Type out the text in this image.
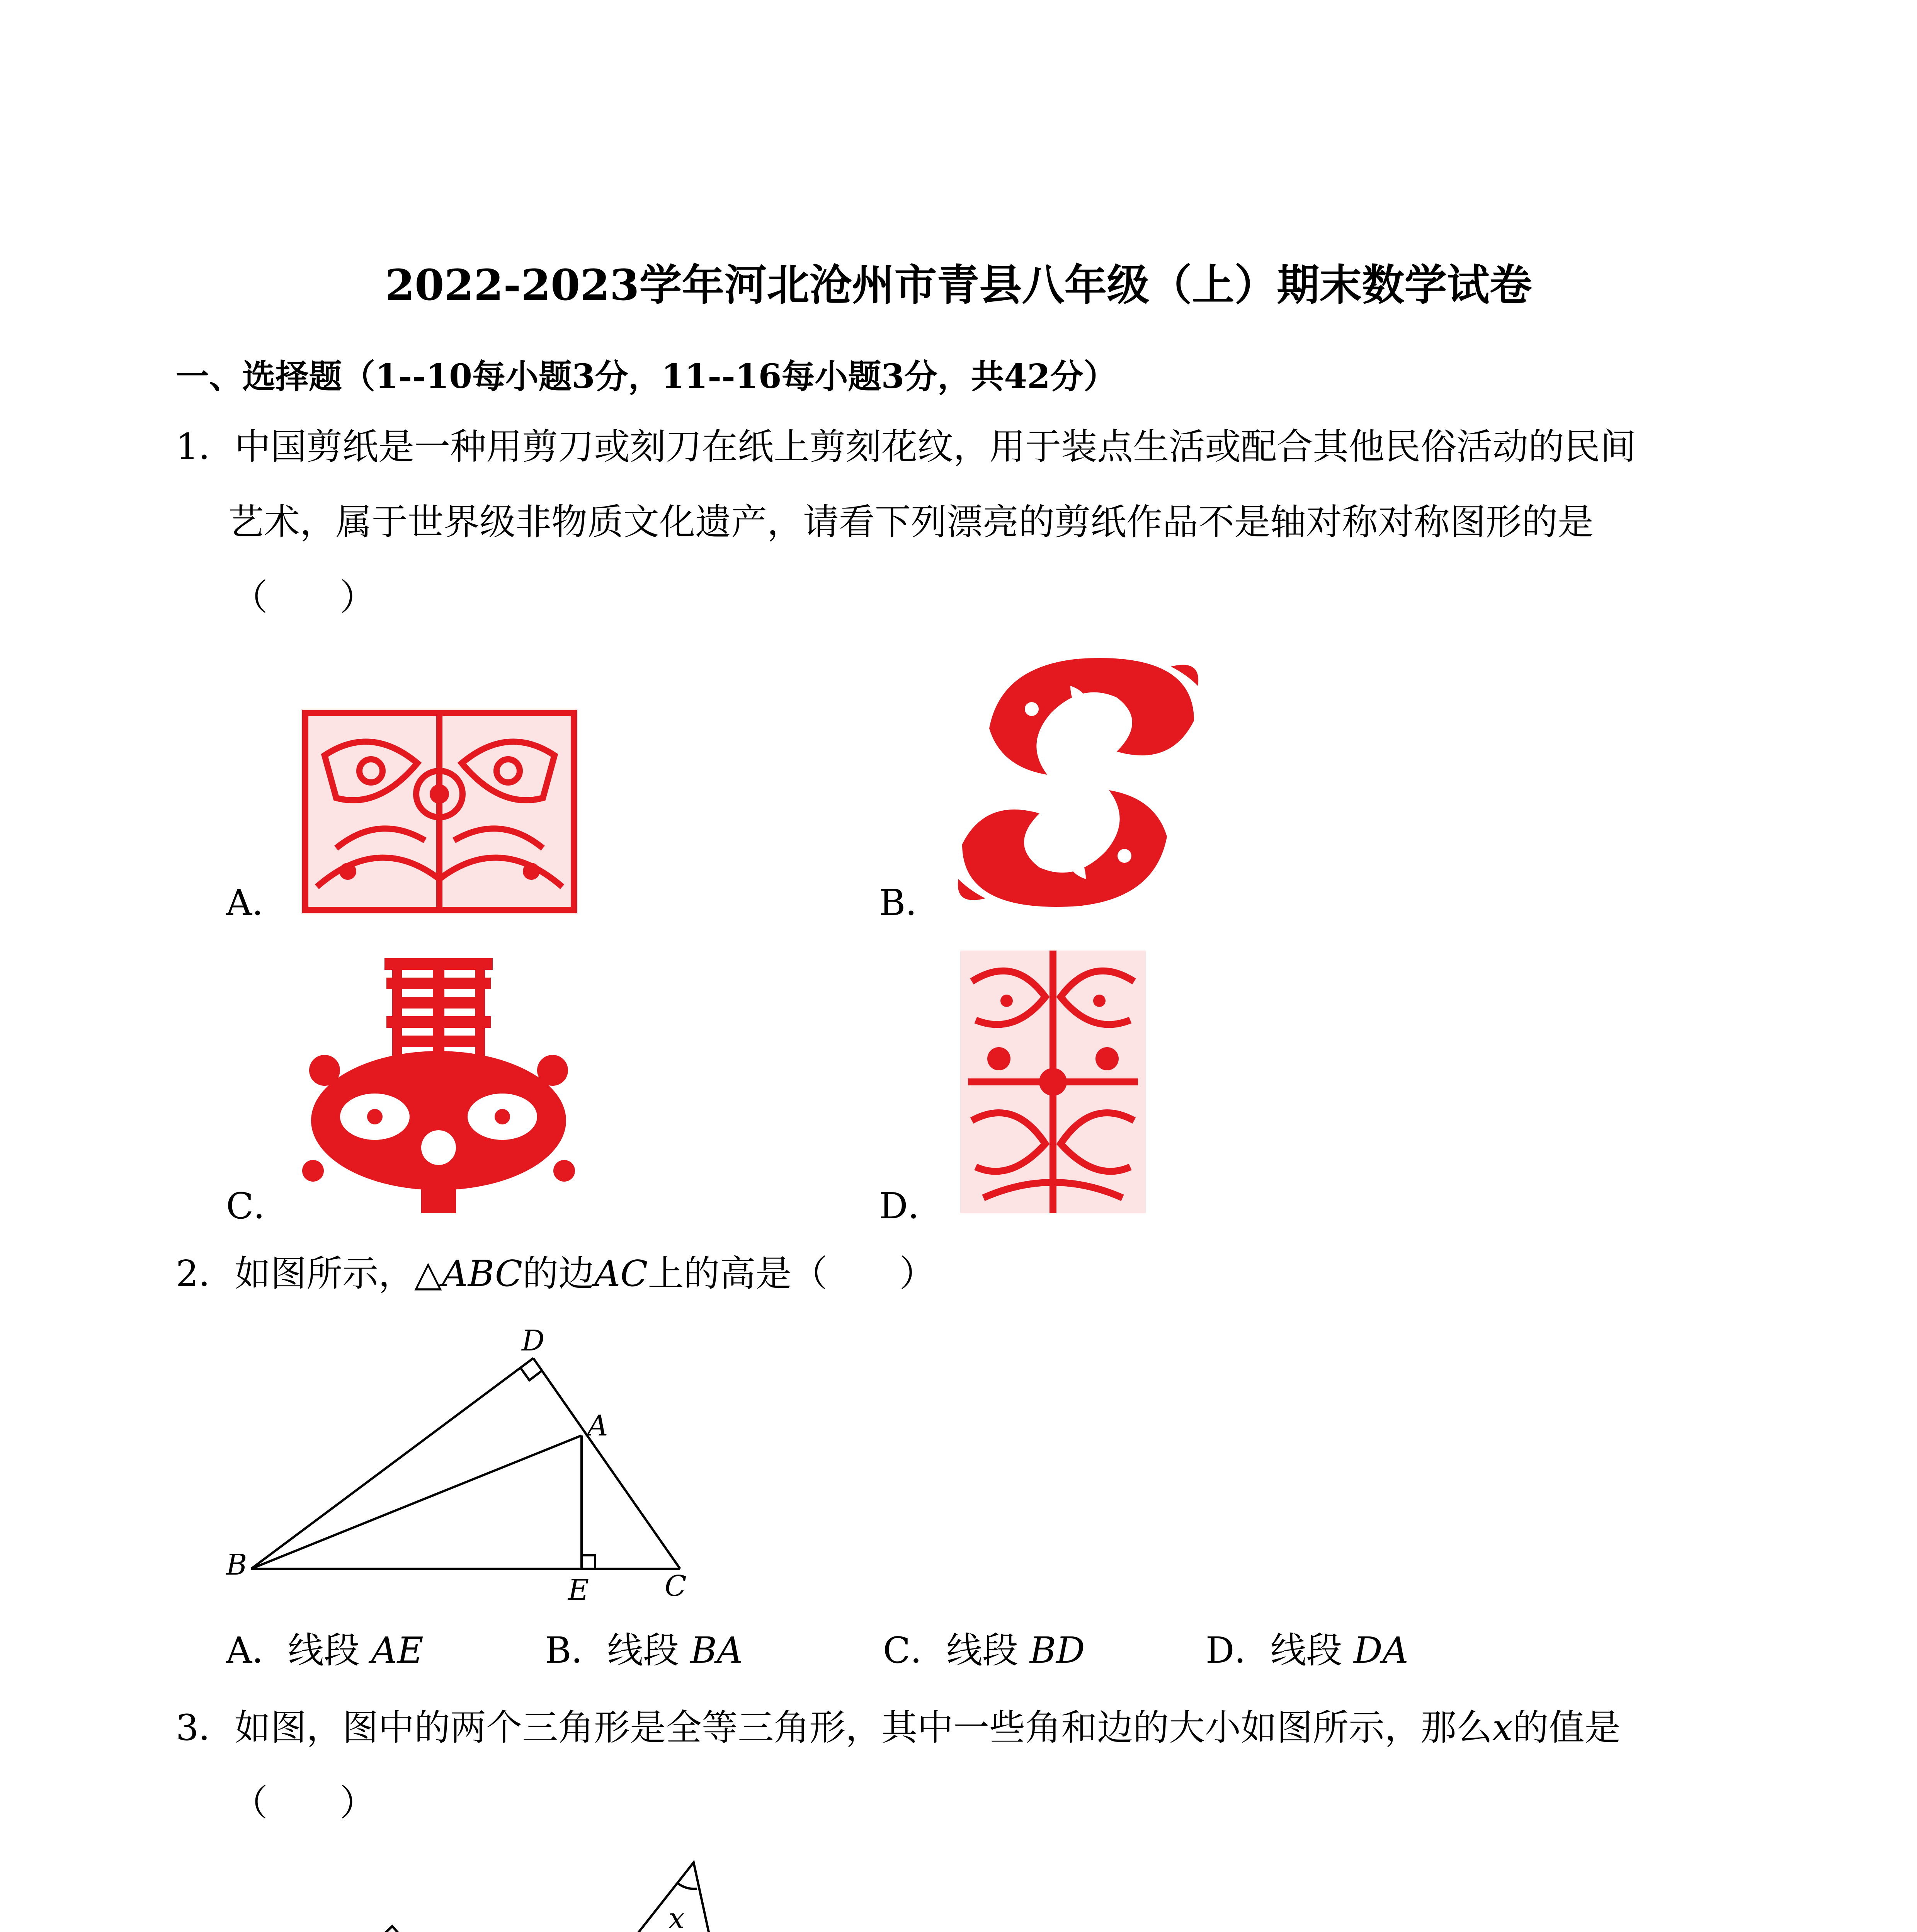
2022-2023学年河北沧州市青县八年级（上）期末数学试卷
一、选择题（1--10每小题3分，11--16每小题3分，共42分）
1．中国剪纸是一种用剪刀或刻刀在纸上剪刻花纹，用于装点生活或配合其他民俗活动的民间
艺术，属于世界级非物质文化遗产，请看下列漂亮的剪纸作品不是轴对称对称图形的是
（　　）
A．	B．
C．	D．
2．如图所示，△ABC的边AC上的高是（　　）
D
A
B
E	C
A．线段 AE	B．线段 BA	C．线段 BD	D．线段 DA
3．如图，图中的两个三角形是全等三角形，其中一些角和边的大小如图所示，那么x的值是
（　　）
x
